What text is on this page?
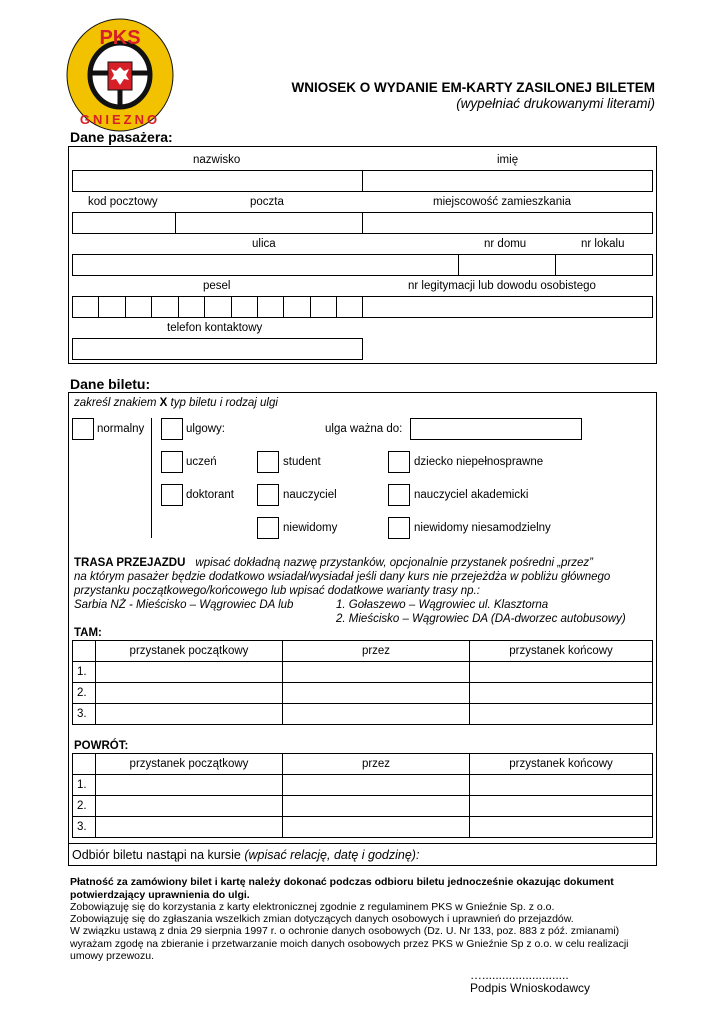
PKS
GNIEZNO
WNIOSEK O WYDANIE EM-KARTY ZASILONEJ BILETEM
(wypełniać drukowanymi literami)
Dane pasażera:
nazwisko	imię
kod pocztowy	poczta	miejscowość zamieszkania
ulica	nr domu	nr lokalu
pesel	nr legitymacji lub dowodu osobistego
telefon kontaktowy
Dane biletu:
zakreśl znakiem X typ biletu i rodzaj ulgi
normalny	ulgowy:	ulga ważna do:
uczeń	student	dziecko niepełnosprawne
doktorant	nauczyciel	nauczyciel akademicki
niewidomy	niewidomy niesamodzielny
TRASA PRZEJAZDU wpisać dokładną nazwę przystanków, opcjonalnie przystanek pośredni „przez”
na którym pasażer będzie dodatkowo wsiadał/wysiadał jeśli dany kurs nie przejeżdża w pobliżu głównego
przystanku początkowego/końcowego lub wpisać dodatkowe warianty trasy np.:
Sarbia NŻ - Mieścisko – Wągrowiec DA lub	1. Gołaszewo – Wągrowiec ul. Klasztorna
2. Mieścisko – Wągrowiec DA (DA-dworzec autobusowy)
TAM:
	przystanek początkowy	przez	przystanek końcowy
1.			
2.			
3.			
POWRÓT:
	przystanek początkowy	przez	przystanek końcowy
1.			
2.			
3.			
Odbiór biletu nastąpi na kursie (wpisać relację, datę i godzinę):
Płatność za zamówiony bilet i kartę należy dokonać podczas odbioru biletu jednocześnie okazując dokument potwierdzający uprawnienia do ulgi.
Zobowiązuję się do korzystania z karty elektronicznej zgodnie z regulaminem PKS w Gnieźnie Sp. z o.o.
Zobowiązuję się do zgłaszania wszelkich zmian dotyczących danych osobowych i uprawnień do przejazdów.
W związku ustawą z dnia 29 sierpnia 1997 r. o ochronie danych osobowych (Dz. U. Nr 133, poz. 883 z póź. zmianami) wyrażam zgodę na zbieranie i przetwarzanie moich danych osobowych przez PKS w Gnieźnie Sp z o.o. w celu realizacji umowy przewozu.
…..........................
Podpis Wnioskodawcy
